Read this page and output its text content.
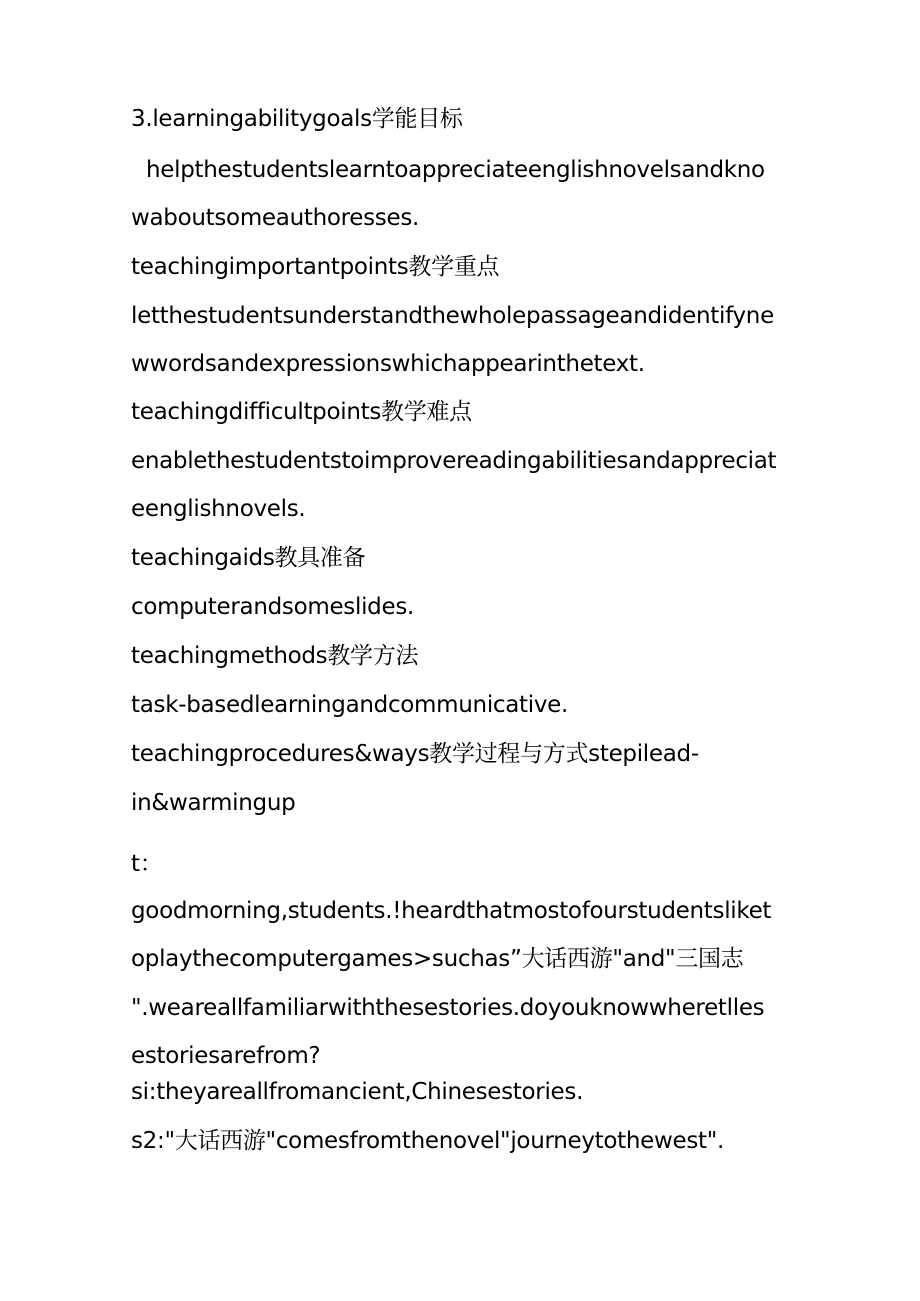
3.learningabilitygoals学能目标
helpthestudentslearntoappreciateenglishnovelsandkno
waboutsomeauthoresses.
teachingimportantpoints教学重点
letthestudentsunderstandthewholepassageandidentifyne
wwordsandexpressionswhichappearinthetext.
teachingdifficultpoints教学难点
enablethestudentstoimprovereadingabilitiesandappreciat
eenglishnovels.
teachingaids教具准备
computerandsomeslides.
teachingmethods教学方法
task-basedlearningandcommunicative.
teachingprocedures&ways教学过程与方式stepilead-
in&warmingup
t：
goodmorning,students.!heardthatmostofourstudentsliket
oplaythecomputergames>suchas”大话西游"and"三国志
".weareallfamiliarwiththesestories.doyouknowwheretlles
estoriesarefrom?
si:theyareallfromancient,Chinesestories.
s2:"大话西游"comesfromthenovel"journeytothewest".
